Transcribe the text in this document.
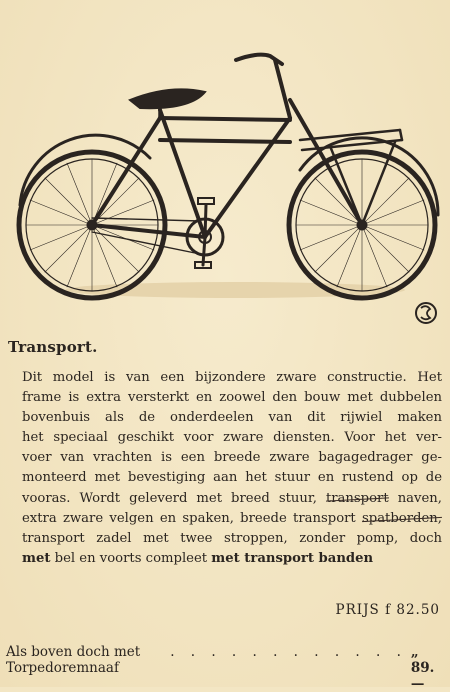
Transport.
Dit model is van een bijzondere zware constructie. Het
frame is extra versterkt en zoowel den bouw met dubbelen
bovenbuis als de onderdeelen van dit rijwiel maken
het speciaal geschikt voor zware diensten. Voor het ver-
voer van vrachten is een breede zware bagagedrager ge-
monteerd met bevestiging aan het stuur en rustend op de
vooras. Wordt geleverd met breed stuur, transport naven,
extra zware velgen en spaken, breede transport spatborden,
transport zadel met twee stroppen, zonder pomp, doch
met bel en voorts compleet met transport banden
PRIJS f 82.50
Als boven doch met Torpedoremnaaf
. . . . . . . . . . . . „ 89.—
